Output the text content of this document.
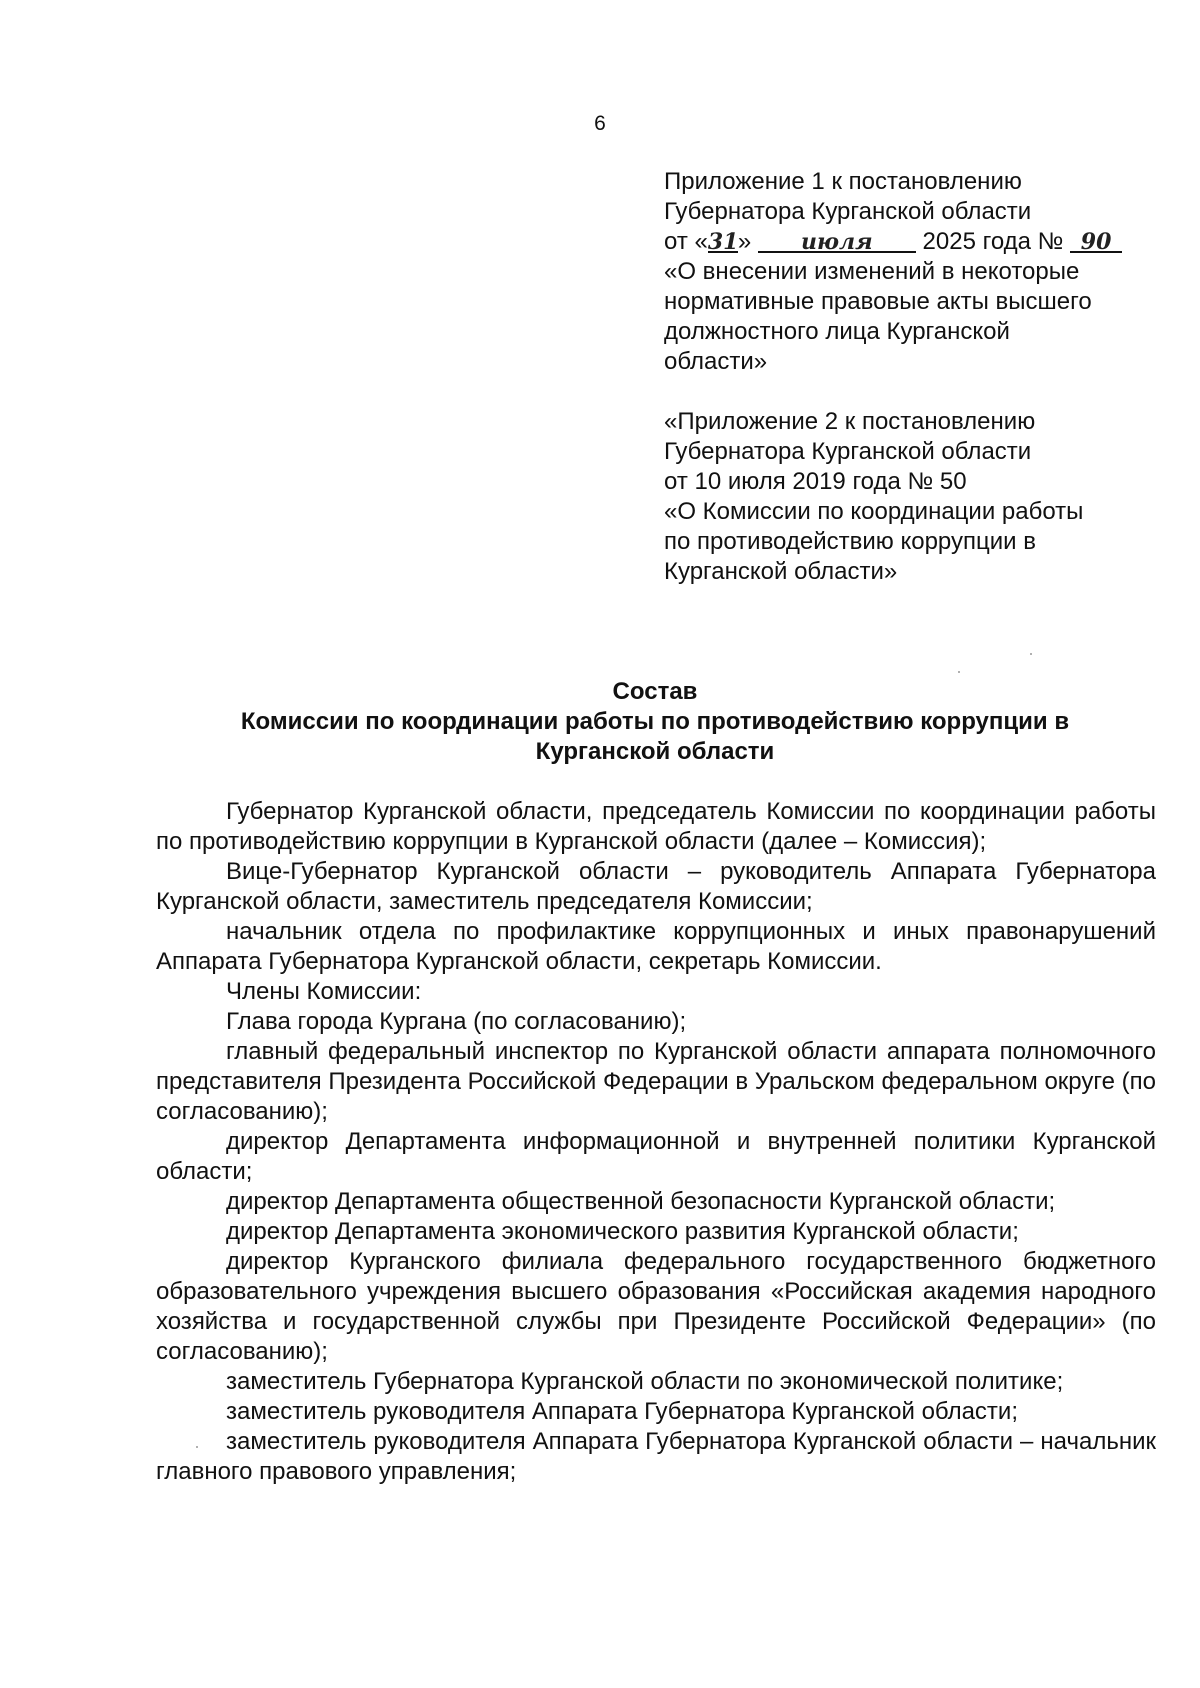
6
Приложение 1 к постановлению
Губернатора Курганской области
от «31» июля 2025 года № 90
«О внесении изменений в некоторые
нормативные правовые акты высшего
должностного лица Курганской
области»
«Приложение 2 к постановлению
Губернатора Курганской области
от 10 июля 2019 года № 50
«О Комиссии по координации работы
по противодействию коррупции в
Курганской области»
Состав
Комиссии по координации работы по противодействию коррупции в
Курганской области

Губернатор Курганской области, председатель Комиссии по координации работы по противодействию коррупции в Курганской области (далее – Комиссия);

Вице-Губернатор Курганской области – руководитель Аппарата Губернатора Курганской области, заместитель председателя Комиссии;

начальник отдела по профилактике коррупционных и иных правонарушений Аппарата Губернатора Курганской области, секретарь Комиссии.

Члены Комиссии:

Глава города Кургана (по согласованию);

главный федеральный инспектор по Курганской области аппарата полномочного представителя Президента Российской Федерации в Уральском федеральном округе (по согласованию);

директор Департамента информационной и внутренней политики Курганской области;

директор Департамента общественной безопасности Курганской области;

директор Департамента экономического развития Курганской области;

директор Курганского филиала федерального государственного бюджетного образовательного учреждения высшего образования «Российская академия народного хозяйства и государственной службы при Президенте Российской Федерации» (по согласованию);

заместитель Губернатора Курганской области по экономической политике;

заместитель руководителя Аппарата Губернатора Курганской области;

заместитель руководителя Аппарата Губернатора Курганской области – начальник главного правового управления;
